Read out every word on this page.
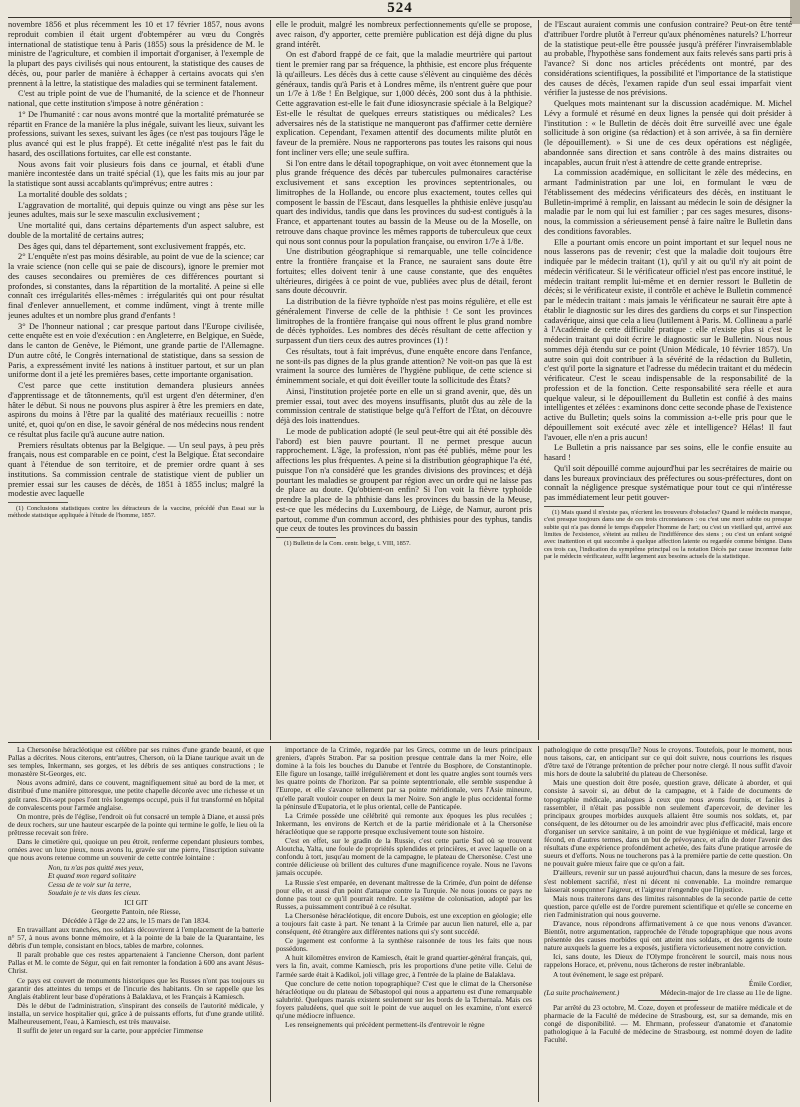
524

novembre 1856 et plus récemment les 10 et 17 février 1857, nous avons reproduit combien il était urgent d'obtempérer au vœu du Congrès international de statistique tenu à Paris (1855) sous la présidence de M. le ministre de l'agriculture, et combien il importait d'organiser, à l'exemple de la plupart des pays civilisés qui nous entourent, la statistique des causes de décès, ou, pour parler de manière à échapper à certains avocats qui s'en prennent à la lettre, la statistique des maladies qui se terminent fatalement.

C'est au triple point de vue de l'humanité, de la science et de l'honneur national, que cette institution s'impose à notre génération :

1° De l'humanité : car nous avons montré que la mortalité prématurée se répartit en France de la manière la plus inégale, suivant les lieux, suivant les professions, suivant les sexes, suivant les âges (ce n'est pas toujours l'âge le plus avancé qui est le plus frappé). Et cette inégalité n'est pas le fait du hasard, des oscillations fortuites, car elle est constante.

Nous avons fait voir plusieurs fois dans ce journal, et établi d'une manière incontestée dans un traité spécial (1), que les faits mis au jour par la statistique sont aussi accablants qu'imprévus; entre autres :

La mortalité double des soldats ;

L'aggravation de mortalité, qui depuis quinze ou vingt ans pèse sur les jeunes adultes, mais sur le sexe masculin exclusivement ;

Une mortalité qui, dans certains départements d'un aspect salubre, est double de la mortalité de certains autres;

Des âges qui, dans tel département, sont exclusivement frappés, etc.

2° L'enquête n'est pas moins désirable, au point de vue de la science; car la vraie science (non celle qui se paie de discours), ignore le premier mot des causes secondaires ou premières de ces différences pourtant si profondes, si constantes, dans la répartition de la mortalité. A peine si elle connaît ces irrégularités elles-mêmes : irrégularités qui ont pour résultat final d'enlever annuellement, et comme indûment, vingt à trente mille jeunes adultes et un nombre plus grand d'enfants !

3° De l'honneur national ; car presque partout dans l'Europe civilisée, cette enquête est en voie d'exécution : en Angleterre, en Belgique, en Suède, dans le canton de Genève, le Piémont, une grande partie de l'Allemagne. D'un autre côté, le Congrès international de statistique, dans sa session de Paris, a expressément invité les nations à instituer partout, et sur un plan uniforme dont il a jeté les premières bases, cette importante organisation.

C'est parce que cette institution demandera plusieurs années d'apprentissage et de tâtonnements, qu'il est urgent d'en déterminer, d'en hâter le début. Si nous ne pouvons plus aspirer à être les premiers en date, aspirons du moins à l'être par la qualité des matériaux recueillis : notre unité, et, quoi qu'on en dise, le savoir général de nos médecins nous rendent ce résultat plus facile qu'à aucune autre nation.

Premiers résultats obtenus par la Belgique. — Un seul pays, à peu près français, nous est comparable en ce point, c'est la Belgique. État secondaire quant à l'étendue de son territoire, et de premier ordre quant à ses institutions. Sa commission centrale de statistique vient de publier un premier essai sur les causes de décès, de 1851 à 1855 inclus; malgré la modestie avec laquelle

(1) Conclusions statistiques contre les détracteurs de la vaccine, précédé d'un Essai sur la méthode statistique appliquée à l'étude de l'homme, 1857.

elle le produit, malgré les nombreux perfectionnements qu'elle se propose, avec raison, d'y apporter, cette première publication est déjà digne du plus grand intérêt.

On est d'abord frappé de ce fait, que la maladie meurtrière qui partout tient le premier rang par sa fréquence, la phthisie, est encore plus fréquente là qu'ailleurs. Les décès dus à cette cause s'élèvent au cinquième des décès généraux, tandis qu'à Paris et à Londres même, ils n'entrent guère que pour un 1/7e à 1/8e ! En Belgique, sur 1,000 décès, 200 sont dus à la phthisie. Cette aggravation est-elle le fait d'une idiosyncrasie spéciale à la Belgique? Est-elle le résultat de quelques erreurs statistiques ou médicales? Les adversaires nés de la statistique ne manqueront pas d'affirmer cette dernière explication. Cependant, l'examen attentif des documents milite plutôt en faveur de la première. Nous ne rapporterons pas toutes les raisons qui nous font incliner vers elle; une seule suffira.

Si l'on entre dans le détail topographique, on voit avec étonnement que la plus grande fréquence des décès par tubercules pulmonaires caractérise exclusivement et sans exception les provinces septentrionales, ou limitrophes de la Hollande, ou encore plus exactement, toutes celles qui composent le bassin de l'Escaut, dans lesquelles la phthisie enlève jusqu'au quart des individus, tandis que dans les provinces du sud-est contiguës à la France, et appartenant toutes au bassin de la Meuse ou de la Moselle, on retrouve dans chaque province les mêmes rapports de tuberculeux que ceux qui nous sont connus pour la population française, ou environ 1/7e à 1/8e.

Une distribution géographique si remarquable, une telle coïncidence entre la frontière française et la France, ne sauraient sans doute être fortuites; elles doivent tenir à une cause constante, que des enquêtes ultérieures, dirigées à ce point de vue, publiées avec plus de détail, feront sans doute découvrir.

La distribution de la fièvre typhoïde n'est pas moins régulière, et elle est généralement l'inverse de celle de la phthisie ! Ce sont les provinces limitrophes de la frontière française qui nous offrent le plus grand nombre de décès typhoïdes. Les nombres des décès résultant de cette affection y surpassent d'un tiers ceux des autres provinces (1) !

Ces résultats, tout à fait imprévus, d'une enquête encore dans l'enfance, ne sont-ils pas dignes de la plus grande attention? Ne voit-on pas que là est vraiment la source des lumières de l'hygiène publique, de cette science si éminemment sociale, et qui doit éveiller toute la sollicitude des États?

Ainsi, l'institution projetée porte en elle un si grand avenir, que, dès un premier essai, tout avec des moyens insuffisants, plutôt dus au zèle de la commission centrale de statistique belge qu'à l'effort de l'État, on découvre déjà des lois inattendues.

Le mode de publication adopté (le seul peut-être qui ait été possible dès l'abord) est bien pauvre pourtant. Il ne permet presque aucun rapprochement. L'âge, la profession, n'ont pas été publiés, même pour les affections les plus fréquentes. A peine si la distribution géographique l'a été, puisque l'on n'a considéré que les grandes divisions des provinces; et déjà pourtant les maladies se groupent par région avec un ordre qui ne laisse pas de place au doute. Qu'obtient-on enfin? Si l'on voit la fièvre typhoïde prendre la place de la phthisie dans les provinces du bassin de la Meuse, est-ce que les médecins du Luxembourg, de Liège, de Namur, auront pris partout, comme d'un commun accord, des phthisies pour des typhus, tandis que ceux de toutes les provinces du bassin

(1) Bulletin de la Com. centr. belge, t. VIII, 1857.

de l'Escaut auraient commis une confusion contraire? Peut-on être tenté d'attribuer l'ordre plutôt à l'erreur qu'aux phénomènes naturels? L'horreur de la statistique peut-elle être poussée jusqu'à préférer l'invraisemblable au probable, l'hypothèse sans fondement aux faits relevés sans parti pris à l'avance? Si donc nos articles précédents ont montré, par des considérations scientifiques, la possibilité et l'importance de la statistique des causes de décès, l'examen rapide d'un seul essai imparfait vient vérifier la justesse de nos prévisions.

Quelques mots maintenant sur la discussion académique. M. Michel Lévy a formulé et résumé en deux lignes la pensée qui doit présider à l'institution : « le Bulletin de décès doit être surveillé avec une égale sollicitude à son origine (sa rédaction) et à son arrivée, à sa fin dernière (le dépouillement). » Si une de ces deux opérations est négligée, abandonnée sans direction et sans contrôle à des mains distraites ou incapables, aucun fruit n'est à attendre de cette grande entreprise.

La commission académique, en sollicitant le zèle des médecins, en armant l'administration par une loi, en formulant le vœu de l'établissement des médecins vérificateurs des décès, en instituant le Bulletin-imprimé à remplir, en laissant au médecin le soin de désigner la maladie par le nom qui lui est familier ; par ces sages mesures, disons-nous, la commission a sérieusement pensé à faire naître le Bulletin dans des conditions favorables.

Elle a pourtant omis encore un point important et sur lequel nous ne nous lasserons pas de revenir; c'est que la maladie doit toujours être indiquée par le médecin traitant (1), qu'il y ait ou qu'il n'y ait point de médecin vérificateur. Si le vérificateur officiel n'est pas encore institué, le médecin traitant remplit lui-même et en dernier ressort le Bulletin de décès; si le vérificateur existe, il contrôle et achève le Bulletin commencé par le médecin traitant : mais jamais le vérificateur ne saurait être apte à établir le diagnostic sur les dires des gardiens du corps et sur l'inspection cadavérique, ainsi que cela a lieu (lutilement à Paris. M. Collineau a parlé à l'Académie de cette difficulté pratique : elle n'existe plus si c'est le médecin traitant qui doit écrire le diagnostic sur le Bulletin. Nous nous sommes déjà étendu sur ce point (Union Médicale, 10 février 1857). Un autre soin qui doit contribuer à la sévérité de la rédaction du Bulletin, c'est qu'il porte la signature et l'adresse du médecin traitant et du médecin vérificateur. C'est le sceau indispensable de la responsabilité de la profession et de la fonction. Cette responsabilité sera réelle et aura quelque valeur, si le dépouillement du Bulletin est confié à des mains intelligentes et zélées : examinons donc cette seconde phase de l'existence active du Bulletin; quels soins la commission a-t-elle pris pour que le dépouillement soit exécuté avec zèle et intelligence? Hélas! Il faut l'avouer, elle n'en a pris aucun!

Le Bulletin a pris naissance par ses soins, elle le confie ensuite au hasard !

Qu'il soit dépouillé comme aujourd'hui par les secrétaires de mairie ou dans les bureaux provinciaux des préfectures ou sous-préfectures, dont on connaît la négligence presque systématique pour tout ce qui n'intéresse pas immédiatement leur petit gouver-

(1) Mais quand il n'existe pas, n'écrient les trouveurs d'obstacles? Quand le médecin manque, c'est presque toujours dans une de ces trois circonstances : ou c'est une mort subite ou presque subite qui n'a pas donné le temps d'appeler l'homme de l'art; ou c'est un vieillard qui, arrivé aux limites de l'existence, s'éteint au milieu de l'indifférence des siens ; ou c'est un enfant soigné avec inattention et qui succombe à quelque affection latente ou regardée comme bénigne. Dans ces trois cas, l'indication du symptôme principal ou la notation Décès par cause inconnue faite par le médecin vérificateur, suffit largement aux besoins actuels de la statistique.

La Chersonèse héracléotique est célèbre par ses ruines d'une grande beauté, et que Pallas a décrites. Nous citerons, entr'autres, Cherson, où la Diane taurique avait un de ses temples, Inkermann, ses gorges, et les débris de ses antiques constructions ; le monastère St-Georges, etc.

Nous avons admiré, dans ce couvent, magnifiquement situé au bord de la mer, et distribué d'une manière pittoresque, une petite chapelle décorée avec une richesse et un goût rares. Dix-sept popes l'ont très longtemps occupé, puis il fut transformé en hôpital de convalescents pour l'armée anglaise.

On montre, près de l'église, l'endroit où fut consacré un temple à Diane, et aussi près de deux rochers, sur une hauteur escarpée de la pointe qui termine le golfe, le lieu où la prêtresse recevait son frère.

Dans le cimetière qui, quoique un peu étroit, renferme cependant plusieurs tombes, ornées avec un luxe pieux, nous avons lu, gravée sur une pierre, l'inscription suivante que nous avons retenue comme un souvenir de cette contrée lointaine :

Non, tu n'as pas quitté mes yeux,
Et quand mon regard solitaire
Cessa de te voir sur la terre,
Soudain je te vis dans les cieux.

ICI GIT

Georgette Pantoin, née Riesse,

Décédée à l'âge de 22 ans, le 15 mars de l'an 1834.

En travaillant aux tranchées, nos soldats découvrirent à l'emplacement de la batterie n° 57, à nous avons bonne mémoire, et à la pointe de la baie de la Quarantaine, les débris d'un temple, consistant en blocs, tables de marbre, colonnes.

Il paraît probable que ces restes appartenaient à l'ancienne Cherson, dont parlent Pallas et M. le comte de Ségur, qui en fait remonter la fondation à 600 ans avant Jésus-Christ.

Ce pays est couvert de monuments historiques que les Russes n'ont pas toujours su garantir des atteintes du temps et de l'incurie des habitants. On se rappelle que les Anglais établirent leur base d'opérations à Balaklava, et les Français à Kamiesch.

Dès le début de l'administration, s'inspirant des conseils de l'autorité médicale, y installa, un service hospitalier qui, grâce à de puissants efforts, fut d'une grande utilité. Malheureusement, l'eau, à Kamiesch, est très mauvaise.

Il suffit de jeter un regard sur la carte, pour apprécier l'immense

importance de la Crimée, regardée par les Grecs, comme un de leurs principaux greniers, d'après Strabon. Par sa position presque centrale dans la mer Noire, elle domine à la fois les bouches du Danube et l'entrée du Bosphore, de Constantinople. Elle figure un losange, taillé irrégulièrement et dont les quatre angles sont tournés vers les quatre points de l'horizon. Par sa pointe septentrionale, elle semble suspendue à l'Europe, et elle s'avance tellement par sa pointe méridionale, vers l'Asie mineure, qu'elle paraît vouloir couper en deux la mer Noire. Son angle le plus occidental forme la péninsule d'Eupatoria, et le plus oriental, celle de Panticapée.

La Crimée possède une célébrité qui remonte aux époques les plus reculées ; Inkermann, les environs de Kertch et de la partie méridionale et à la Chersonèse héracléotique que se rapporte presque exclusivement toute son histoire.

C'est en effet, sur le gradin de la Russie, c'est cette partie Sud où se trouvent Aloutcha, Yalta, une foule de propriétés splendides et princières, et avec laquelle on a confondu à tort, jusqu'au moment de la campagne, le plateau de Chersonèse. C'est une contrée délicieuse où brillent des cultures d'une magnificence royale. Nous ne l'avons jamais occupée.

La Russie s'est emparée, en devenant maîtresse de la Crimée, d'un point de défense pour elle, et aussi d'un point d'attaque contre la Turquie. Ne nous jouons ce pays ne donne pas tout ce qu'il pourrait rendre. Le système de colonisation, adopté par les Russes, a puissamment contribué à ce résultat.

La Chersonèse héracléotique, dit encore Dubois, est une exception en géologie; elle a toujours fait caste à part. Ne tenant à la Crimée par aucun lien naturel, elle a, par conséquent, été étrangère aux différentes nations qui s'y sont succédé.

Ce jugement est conforme à la synthèse raisonnée de tous les faits que nous possédons.

A huit kilomètres environ de Kamiesch, était le grand quartier-général français, qui, vers la fin, avait, comme Kamiesch, pris les proportions d'une petite ville. Celui de l'armée sarde était à Kadikoï, joli village grec, à l'entrée de la plaine de Balaklava.

Que conclure de cette notion topographique? C'est que le climat de la Chersonèse héracléotique ou du plateau de Sébastopol qui nous a appartenu est d'une remarquable salubrité. Quelques marais existent seulement sur les bords de la Tchernaïa. Mais ces foyers paludéens, quel que soit le point de vue auquel on les examine, n'ont exercé qu'une médiocre influence.

Les renseignements qui précèdent permettent-ils d'entrevoir le règne

pathologique de cette presqu'île? Nous le croyons. Toutefois, pour le moment, nous nous taisons, car, en anticipant sur ce qui doit suivre, nous courrions les risques d'être taxé de l'étrange prétention de prêcher pour notre clergé. Il nous suffit d'avoir mis hors de doute la salubrité du plateau de Chersonèse.

Mais une question doit être posée, question grave, délicate à aborder, et qui consiste à savoir si, au début de la campagne, et à l'aide de documents de topographie médicale, analogues à ceux que nous avons fournis, et faciles à rassembler, il n'était pas possible non seulement d'apercevoir, de deviner les principaux groupes morbides auxquels allaient être soumis nos soldats, et, par conséquent, de les détourner ou de les amoindrir avec plus d'efficacité, mais encore d'organiser un service sanitaire, à un point de vue hygiénique et médical, large et fécond, en d'autres termes, dans un but de prévoyance, et afin de doter l'avenir des résultats d'une expérience profondément achetée, des faits d'une pratique arrosée de sueurs et d'efforts. Nous ne toucherons pas à la première partie de cette question. On ne pouvait guère mieux faire que ce qu'on a fait.

D'ailleurs, revenir sur un passé aujourd'hui chacun, dans la mesure de ses forces, s'est noblement sacrifié, n'est ni décent ni convenable. La moindre remarque laisserait soupçonner l'aigreur, et l'aigreur n'engendre que l'injustice.

Mais nous traiterons dans des limites raisonnables de la seconde partie de cette question, parce qu'elle est de l'ordre purement scientifique et qu'elle se concerne en rien l'administration qui nous gouverne.

D'avance, nous répondrons affirmativement à ce que nous venons d'avancer. Bientôt, notre argumentation, rapprochée de l'étude topographique que nous avons présentée des causes morbides qui ont atteint nos soldats, et des agents de toute nature auxquels la guerre les a exposés, justifiera victorieusement notre conviction.

Ici, sans doute, les Dieux de l'Olympe froncèrent le sourcil, mais nous nous rappelons Horace, et, prévenu, nous tâcherons de rester inébranlable.

A tout événement, le sage est préparé.

Émile Cordier,

(La suite prochainement.)	Médecin-major de 1re classe au 11e de ligne.

Par arrêté du 23 octobre, M. Coze, doyen et professeur de matière médicale et de pharmacie de la Faculté de médecine de Strasbourg, est, sur sa demande, mis en congé de disponibilité. — M. Ehrmann, professeur d'anatomie et d'anatomie pathologique à la Faculté de médecine de Strasbourg, est nommé doyen de ladite Faculté.
